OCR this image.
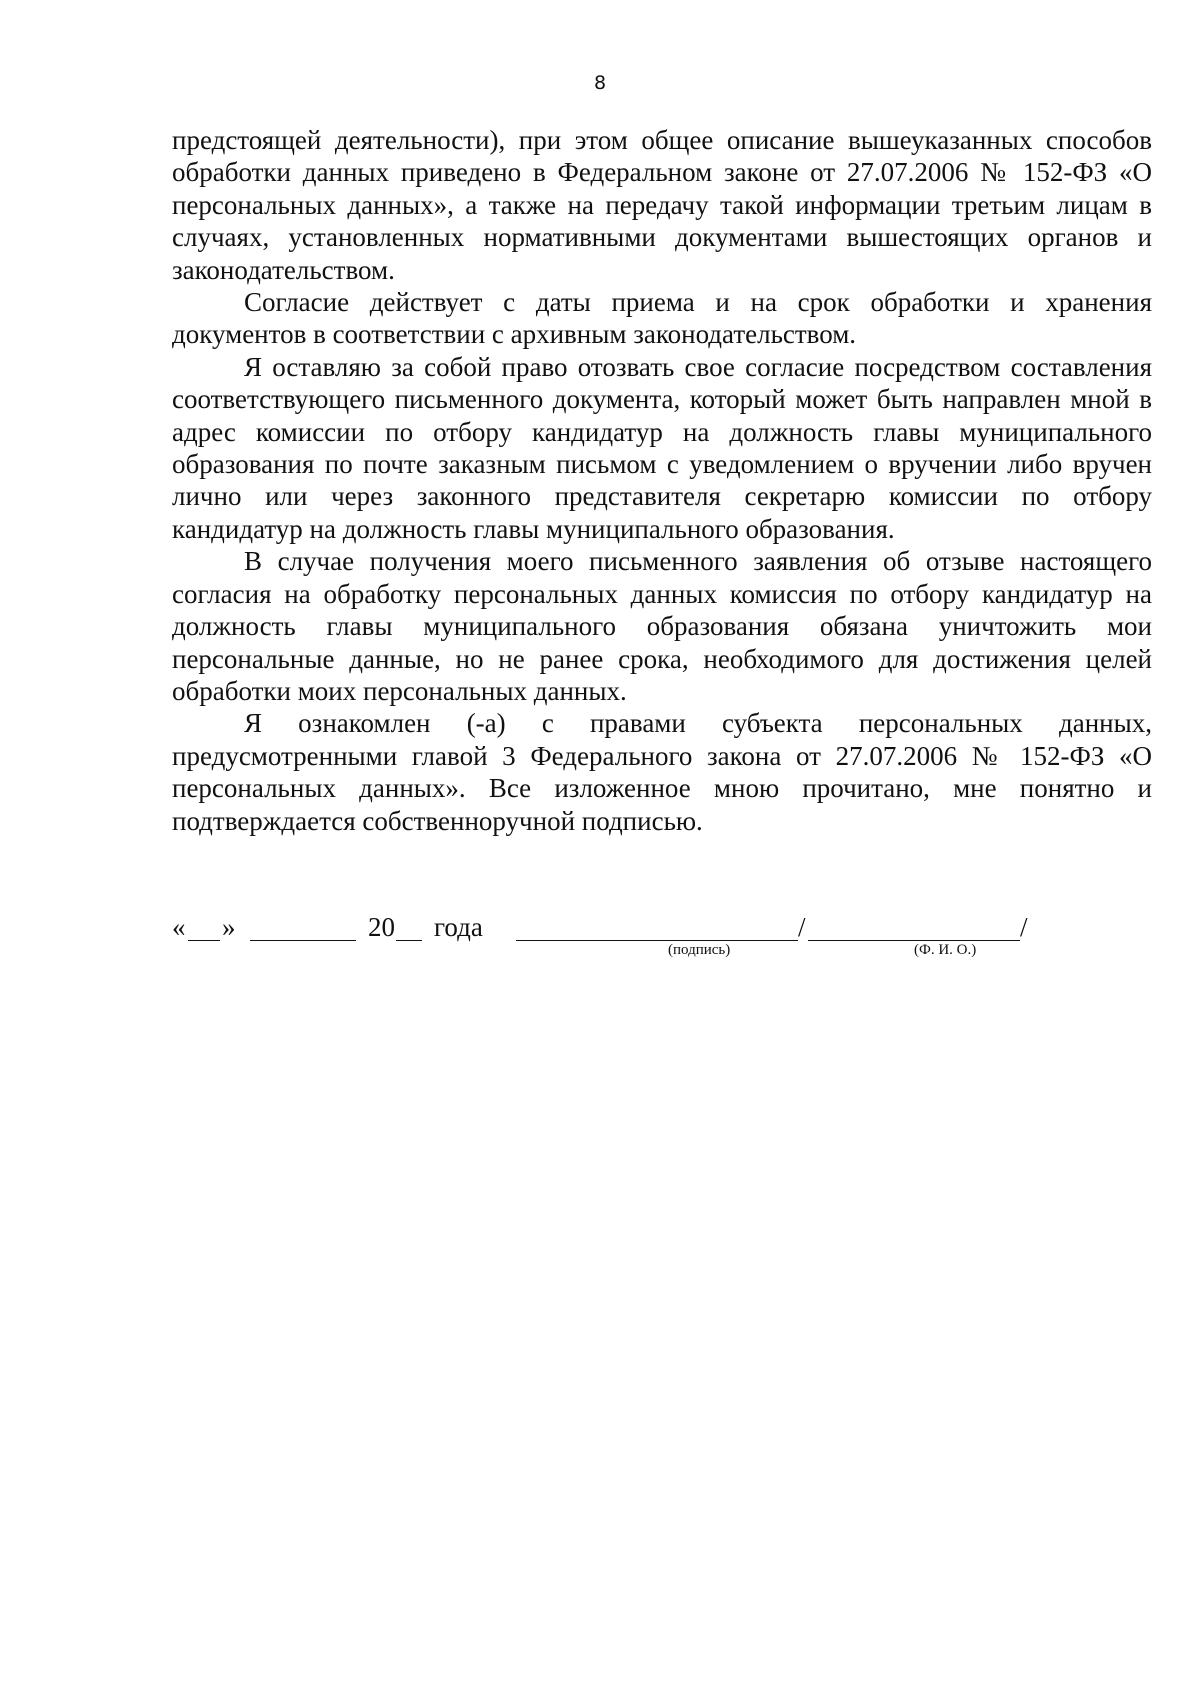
8

предстоящей деятельности), при этом общее описание вышеуказанных способов обработки данных приведено в Федеральном законе от 27.07.2006 № 152-ФЗ «О персональных данных», а также на передачу такой информации третьим лицам в случаях, установленных нормативными документами вышестоящих органов и законодательством.

Согласие действует с даты приема и на срок обработки и хранения документов в соответствии с архивным законодательством.

Я оставляю за собой право отозвать свое согласие посредством составления соответствующего письменного документа, который может быть направлен мной в адрес комиссии по отбору кандидатур на должность главы муниципального образования по почте заказным письмом с уведомлением о вручении либо вручен лично или через законного представителя секретарю комиссии по отбору кандидатур на должность главы муниципального образования.

В случае получения моего письменного заявления об отзыве настоящего согласия на обработку персональных данных комиссия по отбору кандидатур на должность главы муниципального образования обязана уничтожить мои персональные данные, но не ранее срока, необходимого для достижения целей обработки моих персональных данных.

Я ознакомлен (-а) с правами субъекта персональных данных, предусмотренными главой 3 Федерального закона от 27.07.2006 № 152-ФЗ «О персональных данных». Все изложенное мною прочитано, мне понятно и подтверждается собственноручной подписью.

« »	20 года	/	/
(подпись)	(Ф. И. О.)
